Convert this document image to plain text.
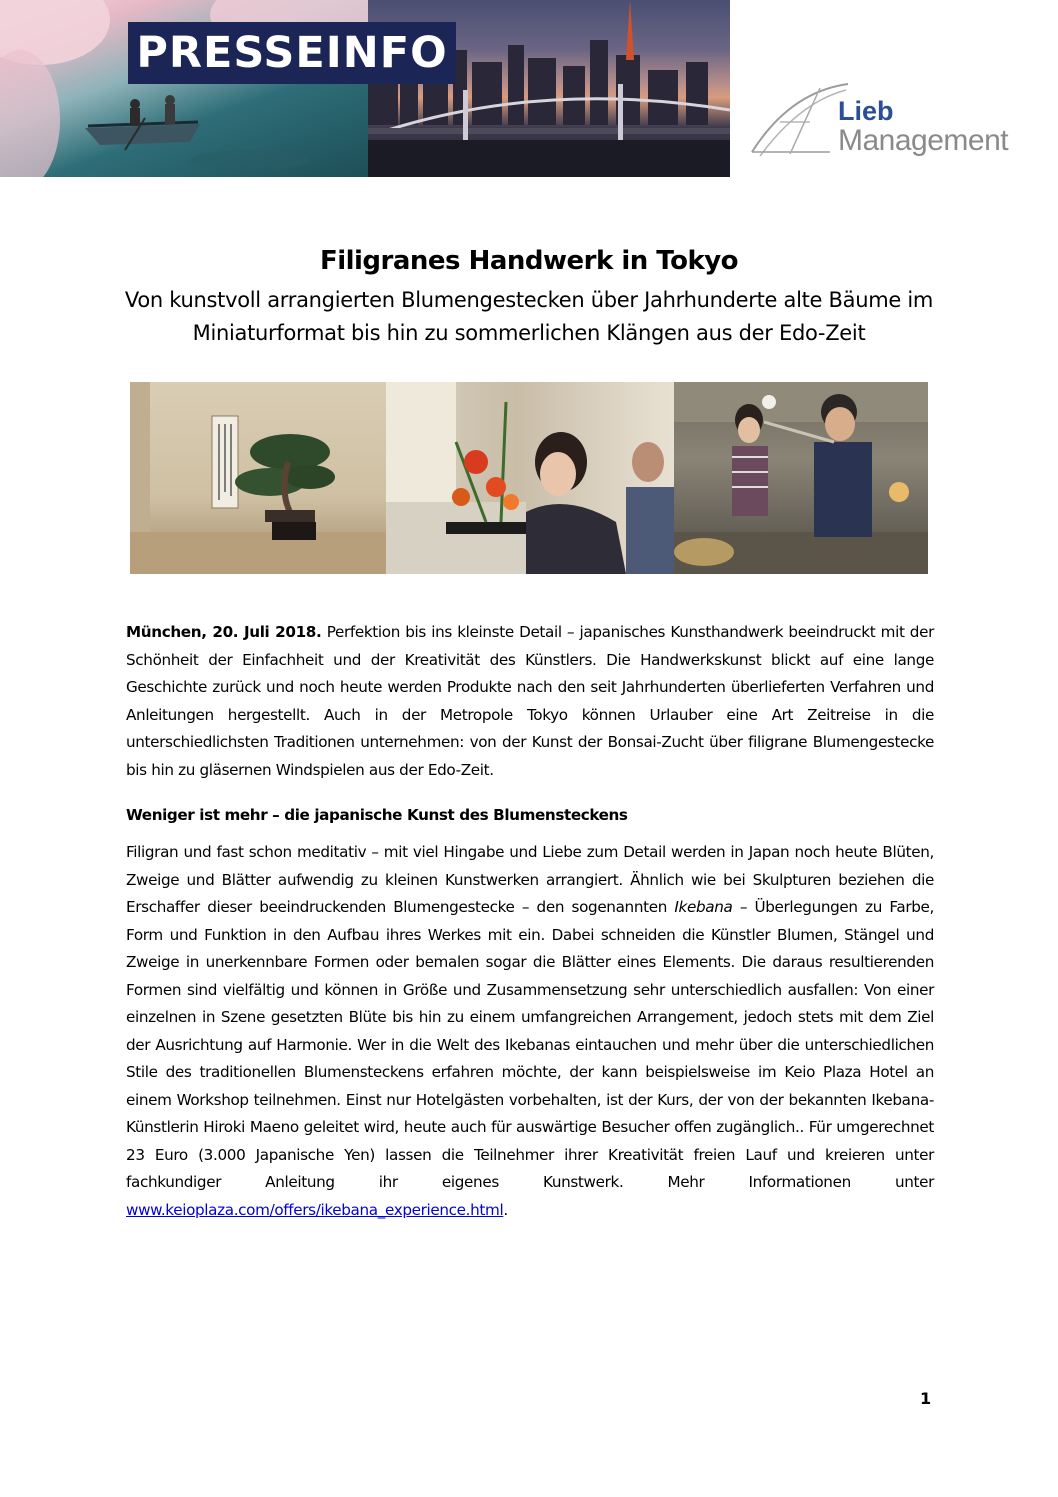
PRESSEINFO
Lieb
Management
Filigranes Handwerk in Tokyo
Von kunstvoll arrangierten Blumengestecken über Jahrhunderte alte Bäume im Miniaturformat bis hin zu sommerlichen Klängen aus der Edo-Zeit
München, 20. Juli 2018. Perfektion bis ins kleinste Detail – japanisches Kunsthandwerk beeindruckt mit der Schönheit der Einfachheit und der Kreativität des Künstlers. Die Handwerkskunst blickt auf eine lange Geschichte zurück und noch heute werden Produkte nach den seit Jahrhunderten überlieferten Verfahren und Anleitungen hergestellt. Auch in der Metropole Tokyo können Urlauber eine Art Zeitreise in die unterschiedlichsten Traditionen unternehmen: von der Kunst der Bonsai-Zucht über filigrane Blumengestecke bis hin zu gläsernen Windspielen aus der Edo-Zeit.
Weniger ist mehr – die japanische Kunst des Blumensteckens
Filigran und fast schon meditativ – mit viel Hingabe und Liebe zum Detail werden in Japan noch heute Blüten, Zweige und Blätter aufwendig zu kleinen Kunstwerken arrangiert. Ähnlich wie bei Skulpturen beziehen die Erschaffer dieser beeindruckenden Blumengestecke – den sogenannten Ikebana – Überlegungen zu Farbe, Form und Funktion in den Aufbau ihres Werkes mit ein. Dabei schneiden die Künstler Blumen, Stängel und Zweige in unerkennbare Formen oder bemalen sogar die Blätter eines Elements. Die daraus resultierenden Formen sind vielfältig und können in Größe und Zusammensetzung sehr unterschiedlich ausfallen: Von einer einzelnen in Szene gesetzten Blüte bis hin zu einem umfangreichen Arrangement, jedoch stets mit dem Ziel der Ausrichtung auf Harmonie. Wer in die Welt des Ikebanas eintauchen und mehr über die unterschiedlichen Stile des traditionellen Blumensteckens erfahren möchte, der kann beispielsweise im Keio Plaza Hotel an einem Workshop teilnehmen. Einst nur Hotelgästen vorbehalten, ist der Kurs, der von der bekannten Ikebana-Künstlerin Hiroki Maeno geleitet wird, heute auch für auswärtige Besucher offen zugänglich.. Für umgerechnet 23 Euro (3.000 Japanische Yen) lassen die Teilnehmer ihrer Kreativität freien Lauf und kreieren unter fachkundiger Anleitung ihr eigenes Kunstwerk. Mehr Informationen unter www.keioplaza.com/offers/ikebana_experience.html.
1
